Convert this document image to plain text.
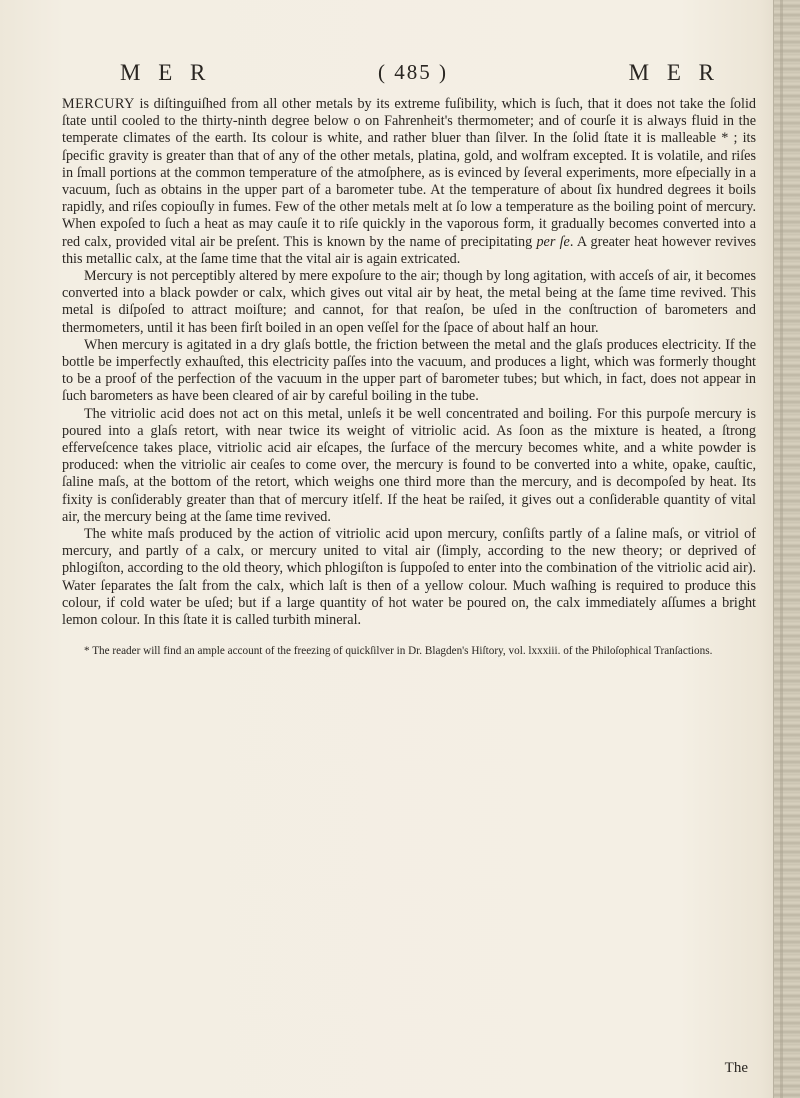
M E R	( 485 )	M E R

MERCURY is diſtinguiſhed from all other metals by its extreme fuſibility, which is ſuch, that it does not take the ſolid ſtate until cooled to the thirty-ninth degree below o on Fahrenheit's thermometer; and of courſe it is always fluid in the temperate climates of the earth. Its colour is white, and rather bluer than ſilver. In the ſolid ſtate it is malleable * ; its ſpecific gravity is greater than that of any of the other metals, platina, gold, and wolfram excepted. It is volatile, and riſes in ſmall portions at the common temperature of the atmoſphere, as is evinced by ſeveral experiments, more eſpecially in a vacuum, ſuch as obtains in the upper part of a barometer tube. At the temperature of about ſix hundred degrees it boils rapidly, and riſes copiouſly in fumes. Few of the other metals melt at ſo low a temperature as the boiling point of mercury. When expoſed to ſuch a heat as may cauſe it to riſe quickly in the vaporous form, it gradually becomes converted into a red calx, provided vital air be preſent. This is known by the name of precipitating per ſe. A greater heat however revives this metallic calx, at the ſame time that the vital air is again extricated.

Mercury is not perceptibly altered by mere expoſure to the air; though by long agitation, with acceſs of air, it becomes converted into a black powder or calx, which gives out vital air by heat, the metal being at the ſame time revived. This metal is diſpoſed to attract moiſture; and cannot, for that reaſon, be uſed in the conſtruction of barometers and thermometers, until it has been firſt boiled in an open veſſel for the ſpace of about half an hour.

When mercury is agitated in a dry glaſs bottle, the friction between the metal and the glaſs produces electricity. If the bottle be imperfectly exhauſted, this electricity paſſes into the vacuum, and produces a light, which was formerly thought to be a proof of the perfection of the vacuum in the upper part of barometer tubes; but which, in fact, does not appear in ſuch barometers as have been cleared of air by careful boiling in the tube.

The vitriolic acid does not act on this metal, unleſs it be well concentrated and boiling. For this purpoſe mercury is poured into a glaſs retort, with near twice its weight of vitriolic acid. As ſoon as the mixture is heated, a ſtrong efferveſcence takes place, vitriolic acid air eſcapes, the ſurface of the mercury becomes white, and a white powder is produced: when the vitriolic air ceaſes to come over, the mercury is found to be converted into a white, opake, cauſtic, ſaline maſs, at the bottom of the retort, which weighs one third more than the mercury, and is decompoſed by heat. Its fixity is conſiderably greater than that of mercury itſelf. If the heat be raiſed, it gives out a conſiderable quantity of vital air, the mercury being at the ſame time revived.

The white maſs produced by the action of vitriolic acid upon mercury, conſiſts partly of a ſaline maſs, or vitriol of mercury, and partly of a calx, or mercury united to vital air (ſimply, according to the new theory; or deprived of phlogiſton, according to the old theory, which phlogiſton is ſuppoſed to enter into the combination of the vitriolic acid air). Water ſeparates the ſalt from the calx, which laſt is then of a yellow colour. Much waſhing is required to produce this colour, if cold water be uſed; but if a large quantity of hot water be poured on, the calx immediately aſſumes a bright lemon colour. In this ſtate it is called turbith mineral.

* The reader will find an ample account of the freezing of quickſilver in Dr. Blagden's Hiſtory, vol. lxxxiii. of the Philoſophical Tranſactions.
The
